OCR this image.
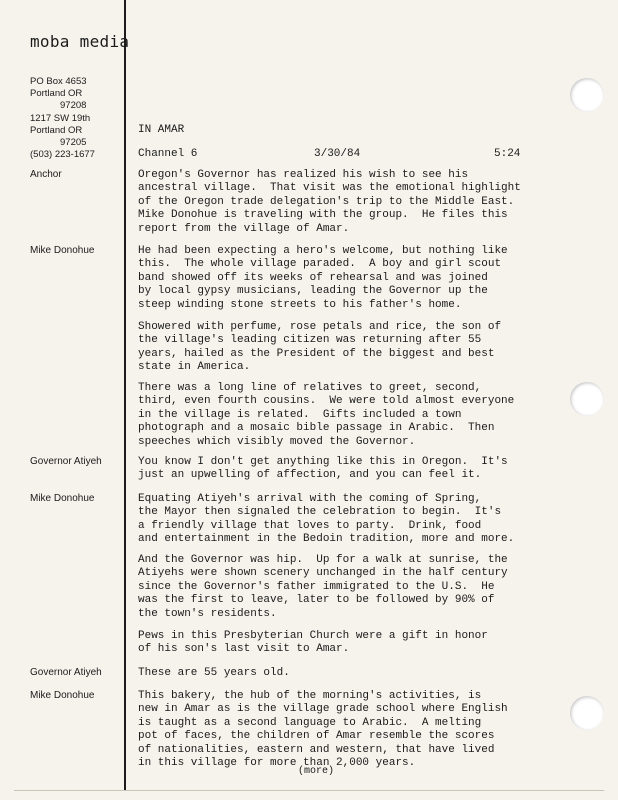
moba media
PO Box 4653
Portland OR
97208
1217 SW 19th
Portland OR
97205
(503) 223-1677
IN AMAR
Channel 6	3/30/84	5:24
Anchor	Oregon's Governor has realized his wish to see his
ancestral village.  That visit was the emotional highlight
of the Oregon trade delegation's trip to the Middle East.
Mike Donohue is traveling with the group.  He files this
report from the village of Amar.
Mike Donohue	He had been expecting a hero's welcome, but nothing like
this.  The whole village paraded.  A boy and girl scout
band showed off its weeks of rehearsal and was joined
by local gypsy musicians, leading the Governor up the
steep winding stone streets to his father's home.
Showered with perfume, rose petals and rice, the son of
the village's leading citizen was returning after 55
years, hailed as the President of the biggest and best
state in America.
There was a long line of relatives to greet, second,
third, even fourth cousins.  We were told almost everyone
in the village is related.  Gifts included a town
photograph and a mosaic bible passage in Arabic.  Then
speeches which visibly moved the Governor.
Governor Atiyeh	You know I don't get anything like this in Oregon.  It's
just an upwelling of affection, and you can feel it.
Mike Donohue	Equating Atiyeh's arrival with the coming of Spring,
the Mayor then signaled the celebration to begin.  It's
a friendly village that loves to party.  Drink, food
and entertainment in the Bedoin tradition, more and more.
And the Governor was hip.  Up for a walk at sunrise, the
Atiyehs were shown scenery unchanged in the half century
since the Governor's father immigrated to the U.S.  He
was the first to leave, later to be followed by 90% of
the town's residents.
Pews in this Presbyterian Church were a gift in honor
of his son's last visit to Amar.
Governor Atiyeh	These are 55 years old.
Mike Donohue	This bakery, the hub of the morning's activities, is
new in Amar as is the village grade school where English
is taught as a second language to Arabic.  A melting
pot of faces, the children of Amar resemble the scores
of nationalities, eastern and western, that have lived
in this village for more than 2,000 years.
(more)
